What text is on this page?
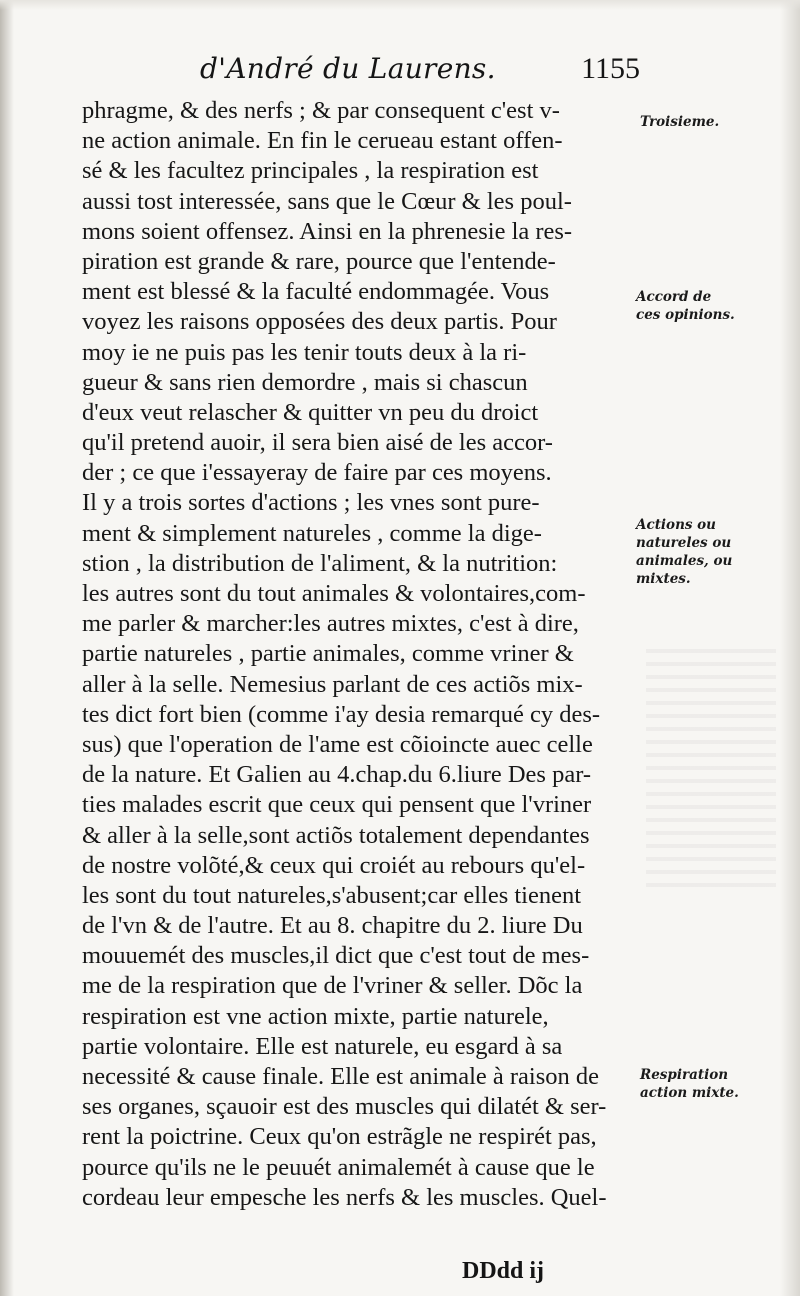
d'André du Laurens.	1155
phragme, & des nerfs ; & par consequent c'est v-
ne action animale. En fin le cerueau estant offen-
sé & les facultez principales , la respiration est
aussi tost interessée, sans que le Cœur & les poul-
mons soient offensez. Ainsi en la phrenesie la res-
piration est grande & rare, pource que l'entende-
ment est blessé & la faculté endommagée. Vous
voyez les raisons opposées des deux partis. Pour
moy ie ne puis pas les tenir touts deux à la ri-
gueur & sans rien demordre , mais si chascun
d'eux veut relascher & quitter vn peu du droict
qu'il pretend auoir, il sera bien aisé de les accor-
der ; ce que i'essayeray de faire par ces moyens.
Il y a trois sortes d'actions ; les vnes sont pure-
ment & simplement natureles , comme la dige-
stion , la distribution de l'aliment, & la nutrition:
les autres sont du tout animales & volontaires,com-
me parler & marcher:les autres mixtes, c'est à dire,
partie natureles , partie animales, comme vriner &
aller à la selle. Nemesius parlant de ces actiõs mix-
tes dict fort bien (comme i'ay desia remarqué cy des-
sus) que l'operation de l'ame est cõioincte auec celle
de la nature. Et Galien au 4.chap.du 6.liure Des par-
ties malades escrit que ceux qui pensent que l'vriner
& aller à la selle,sont actiõs totalement dependantes
de nostre volõté,& ceux qui croiét au rebours qu'el-
les sont du tout natureles,s'abusent;car elles tienent
de l'vn & de l'autre. Et au 8. chapitre du 2. liure Du
mouuemét des muscles,il dict que c'est tout de mes-
me de la respiration que de l'vriner & seller. Dõc la
respiration est vne action mixte, partie naturele,
partie volontaire. Elle est naturele, eu esgard à sa
necessité & cause finale. Elle est animale à raison de
ses organes, sçauoir est des muscles qui dilatét & ser-
rent la poictrine. Ceux qu'on estrãgle ne respirét pas,
pource qu'ils ne le peuuét animalemét à cause que le
cordeau leur empesche les nerfs & les muscles. Quel-
Troisieme.
Accord de
ces opinions.
Actions ou
natureles ou
animales, ou
mixtes.
Respiration
action mixte.
DDdd ij
